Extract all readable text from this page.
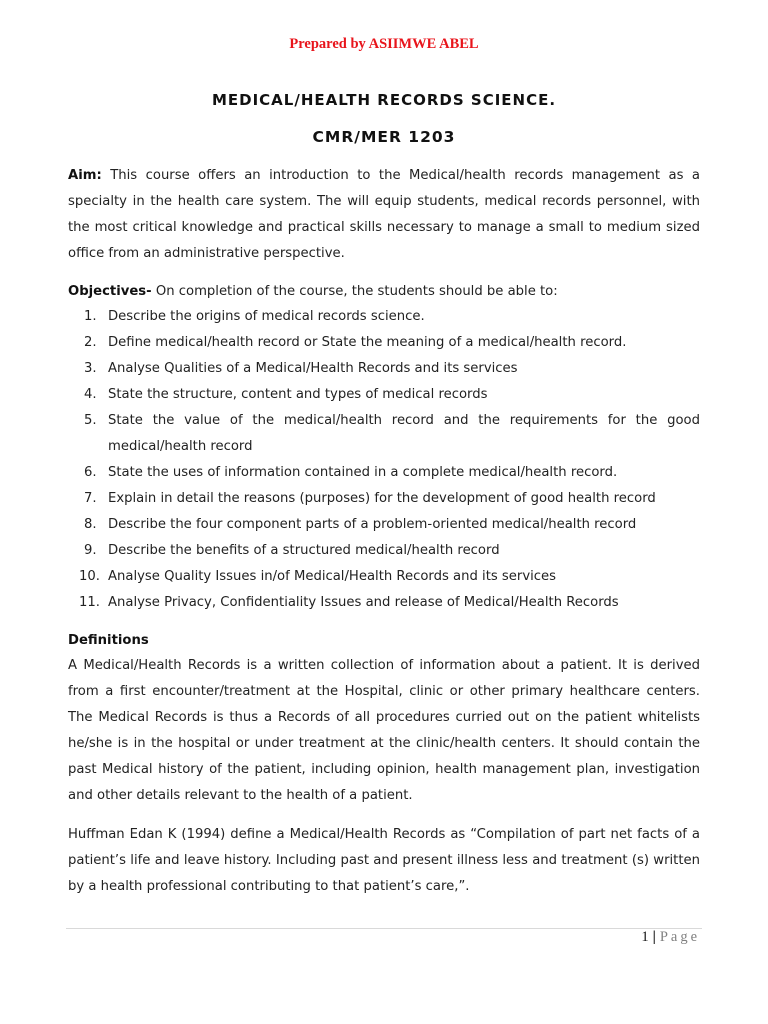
Prepared by ASIIMWE ABEL
MEDICAL/HEALTH RECORDS SCIENCE.
CMR/MER 1203

Aim: This course offers an introduction to the Medical/health records management as a specialty in the health care system. The will equip students, medical records personnel, with the most critical knowledge and practical skills necessary to manage a small to medium sized office from an administrative perspective.

Objectives- On completion of the course, the students should be able to:

1. Describe the origins of medical records science.
2. Define medical/health record or State the meaning of a medical/health record.
3. Analyse Qualities of a Medical/Health Records and its services
4. State the structure, content and types of medical records
5. State the value of the medical/health record and the requirements for the good medical/health record
6. State the uses of information contained in a complete medical/health record.
7. Explain in detail the reasons (purposes) for the development of good health record
8. Describe the four component parts of a problem-oriented medical/health record
9. Describe the benefits of a structured medical/health record
10. Analyse Quality Issues in/of Medical/Health Records and its services
11. Analyse Privacy, Confidentiality Issues and release of Medical/Health Records

Definitions

A Medical/Health Records is a written collection of information about a patient. It is derived from a first encounter/treatment at the Hospital, clinic or other primary healthcare centers. The Medical Records is thus a Records of all procedures curried out on the patient whitelists he/she is in the hospital or under treatment at the clinic/health centers. It should contain the past Medical history of the patient, including opinion, health management plan, investigation and other details relevant to the health of a patient.

Huffman Edan K (1994) define a Medical/Health Records as “Compilation of part net facts of a patient’s life and leave history. Including past and present illness less and treatment (s) written by a health professional contributing to that patient’s care,”.

1 | Page
